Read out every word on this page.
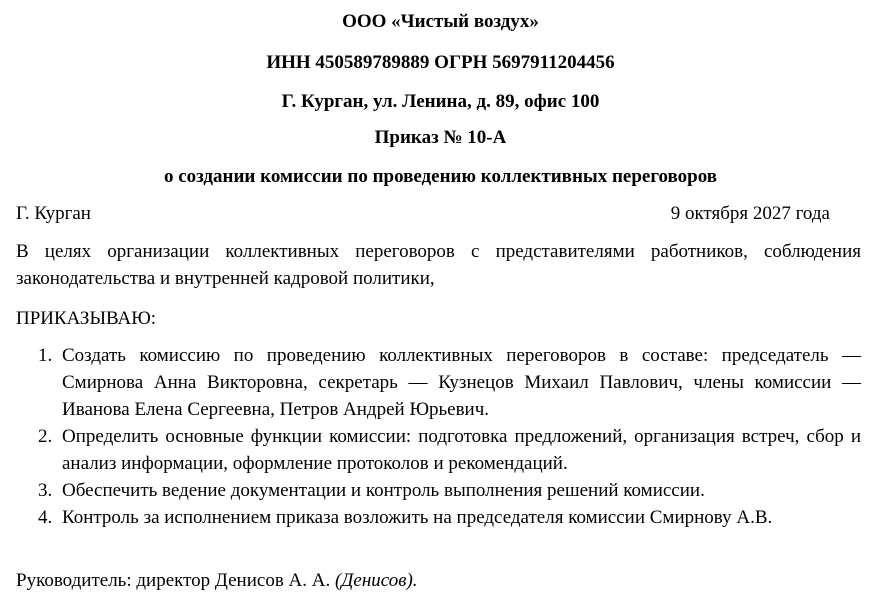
ООО «Чистый воздух»

ИНН 450589789889 ОГРН 5697911204456

Г. Курган, ул. Ленина, д. 89, офис 100

Приказ № 10-А

о создании комиссии по проведению коллективных переговоров

Г. Курган	9 октября 2027 года

В целях организации коллективных переговоров с представителями работников, соблюдения законодательства и внутренней кадровой политики,

ПРИКАЗЫВАЮ:

1. Создать комиссию по проведению коллективных переговоров в составе: председатель — Смирнова Анна Викторовна, секретарь — Кузнецов Михаил Павлович, члены комиссии — Иванова Елена Сергеевна, Петров Андрей Юрьевич.
2. Определить основные функции комиссии: подготовка предложений, организация встреч, сбор и анализ информации, оформление протоколов и рекомендаций.
3. Обеспечить ведение документации и контроль выполнения решений комиссии.
4. Контроль за исполнением приказа возложить на председателя комиссии Смирнову А.В.

Руководитель: директор Денисов А. А. (Денисов).
